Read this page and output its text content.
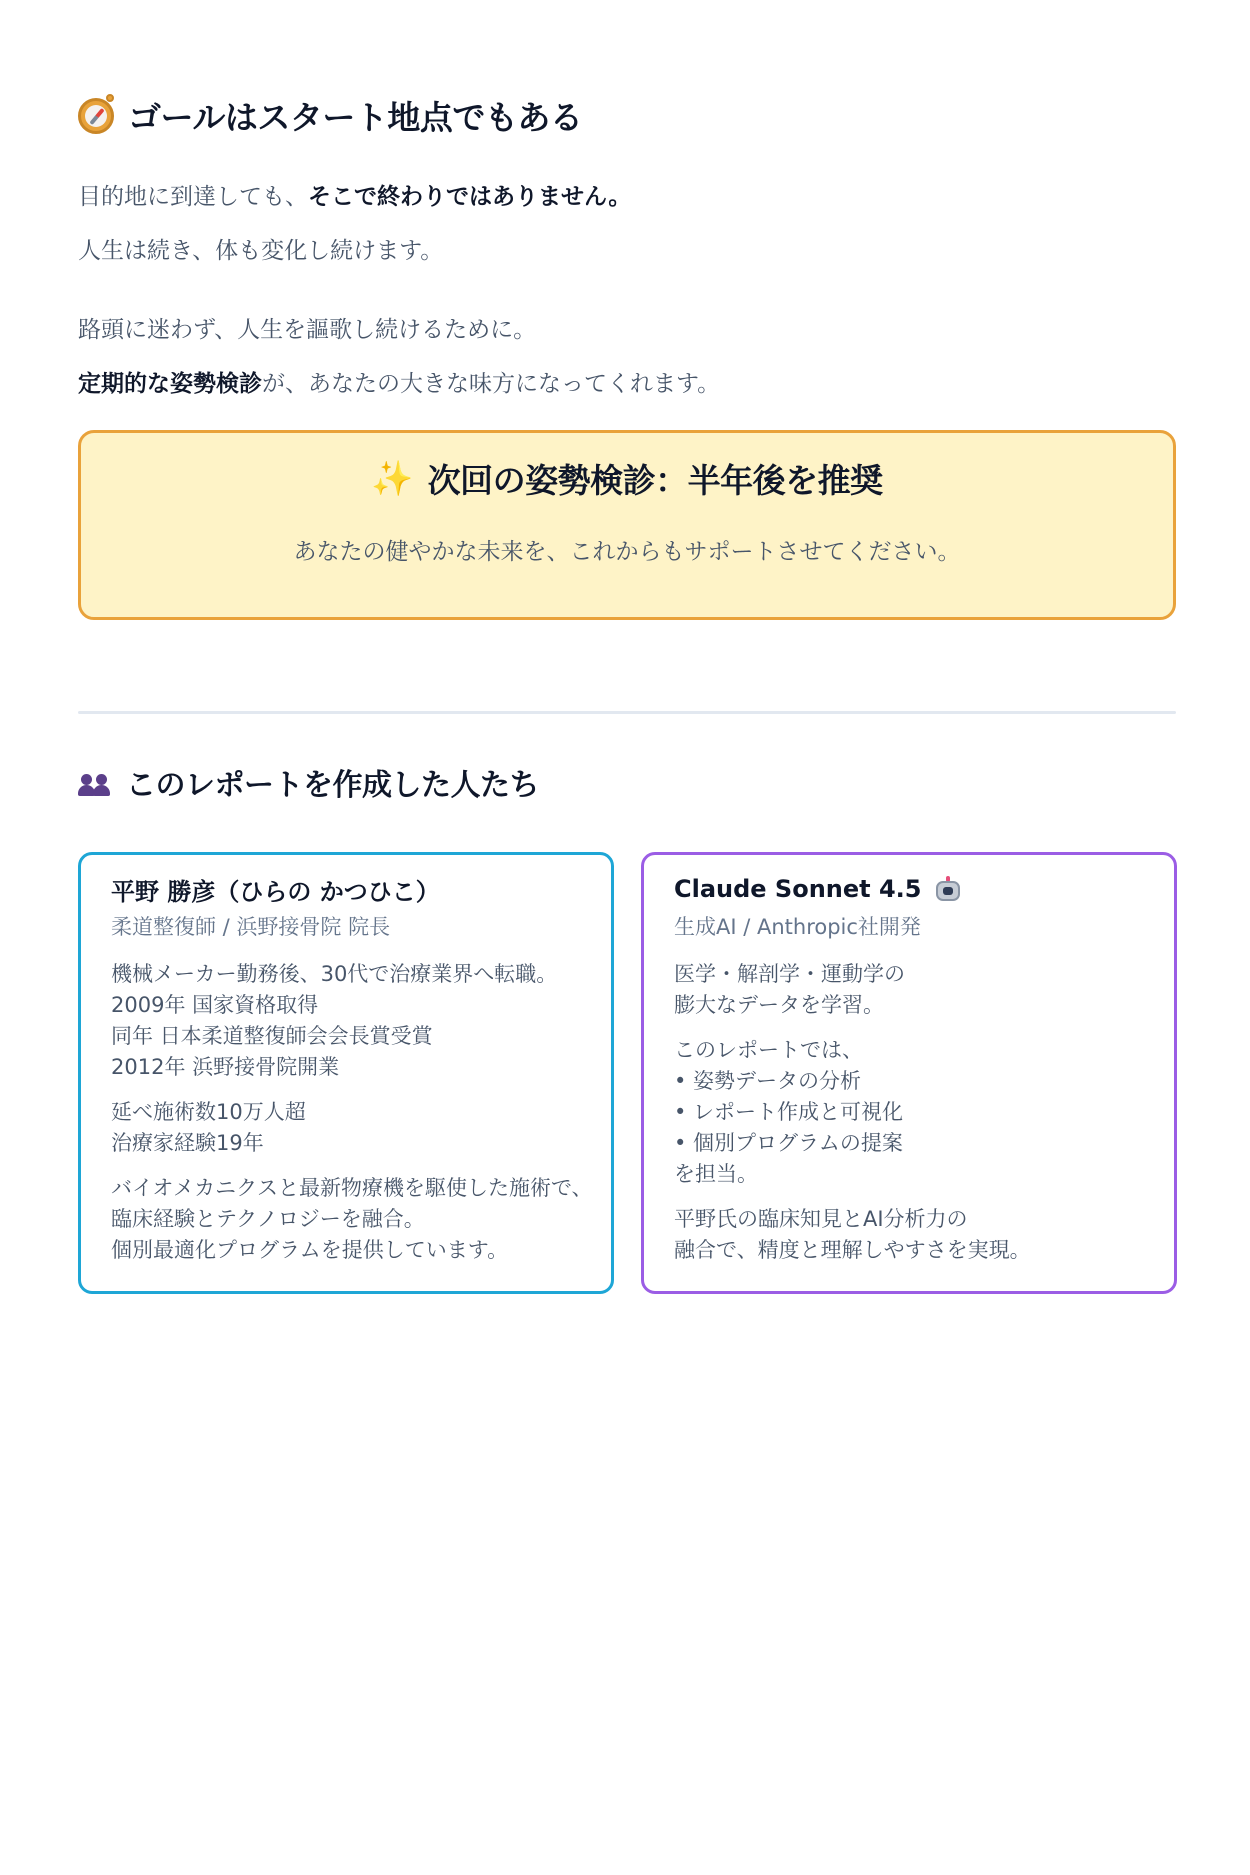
ゴールはスタート地点でもある
目的地に到達しても、そこで終わりではありません。
人生は続き、体も変化し続けます。
路頭に迷わず、人生を謳歌し続けるために。
定期的な姿勢検診が、あなたの大きな味方になってくれます。
✨ 次回の姿勢検診：半年後を推奨
あなたの健やかな未来を、これからもサポートさせてください。
このレポートを作成した人たち
平野 勝彦（ひらの かつひこ）
柔道整復師 / 浜野接骨院 院長
機械メーカー勤務後、30代で治療業界へ転職。
2009年 国家資格取得
同年 日本柔道整復師会会長賞受賞
2012年 浜野接骨院開業
延べ施術数10万人超
治療家経験19年
バイオメカニクスと最新物療機を駆使した施術で、
臨床経験とテクノロジーを融合。
個別最適化プログラムを提供しています。
Claude Sonnet 4.5
生成AI / Anthropic社開発
医学・解剖学・運動学の
膨大なデータを学習。
このレポートでは、
• 姿勢データの分析
• レポート作成と可視化
• 個別プログラムの提案
を担当。
平野氏の臨床知見とAI分析力の
融合で、精度と理解しやすさを実現。
